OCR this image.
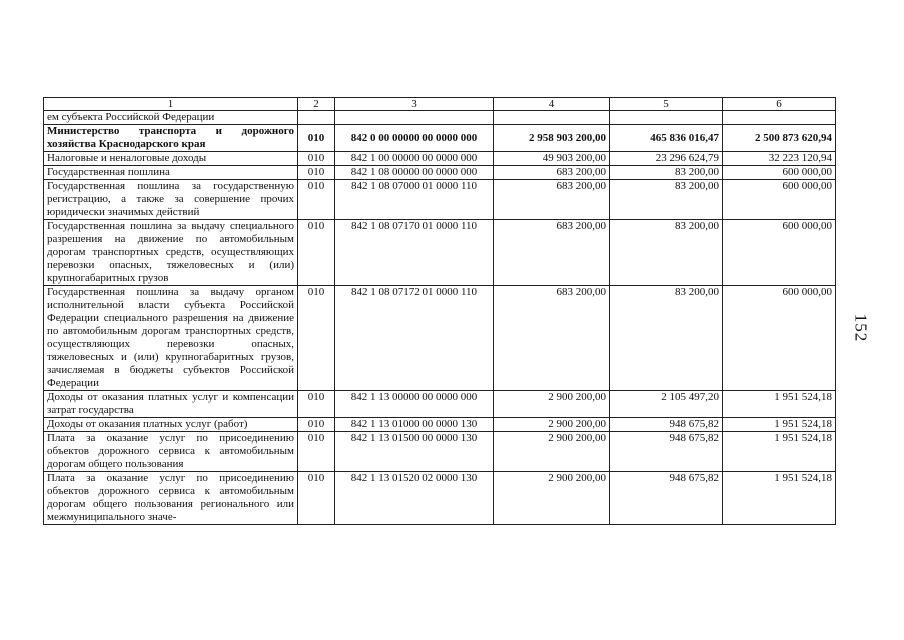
1	2	3	4	5	6
ем субъекта Российской Федерации					
Министерство транспорта и дорожного хозяйства Краснодарского края	010	842 0 00 00000 00 0000 000	2 958 903 200,00	465 836 016,47	2 500 873 620,94
Налоговые и неналоговые доходы	010	842 1 00 00000 00 0000 000	49 903 200,00	23 296 624,79	32 223 120,94
Государственная пошлина	010	842 1 08 00000 00 0000 000	683 200,00	83 200,00	600 000,00
Государственная пошлина за государственную регистрацию, а также за совершение прочих юридически значимых действий	010	842 1 08 07000 01 0000 110	683 200,00	83 200,00	600 000,00
Государственная пошлина за выдачу специального разрешения на движение по автомобильным дорогам транспортных средств, осуществляющих перевозки опасных, тяжеловесных и (или) крупногабаритных грузов	010	842 1 08 07170 01 0000 110	683 200,00	83 200,00	600 000,00
Государственная пошлина за выдачу органом исполнительной власти субъекта Российской Федерации специального разрешения на движение по автомобильным дорогам транспортных средств, осуществляющих перевозки опасных, тяжеловесных и (или) крупногабаритных грузов, зачисляемая в бюджеты субъектов Российской Федерации	010	842 1 08 07172 01 0000 110	683 200,00	83 200,00	600 000,00
Доходы от оказания платных услуг и компенсации затрат государства	010	842 1 13 00000 00 0000 000	2 900 200,00	2 105 497,20	1 951 524,18
Доходы от оказания платных услуг (работ)	010	842 1 13 01000 00 0000 130	2 900 200,00	948 675,82	1 951 524,18
Плата за оказание услуг по присоединению объектов дорожного сервиса к автомобильным дорогам общего пользования	010	842 1 13 01500 00 0000 130	2 900 200,00	948 675,82	1 951 524,18
Плата за оказание услуг по присоединению объектов дорожного сервиса к автомобильным дорогам общего пользования регионального или межмуниципального значе-	010	842 1 13 01520 02 0000 130	2 900 200,00	948 675,82	1 951 524,18
152
